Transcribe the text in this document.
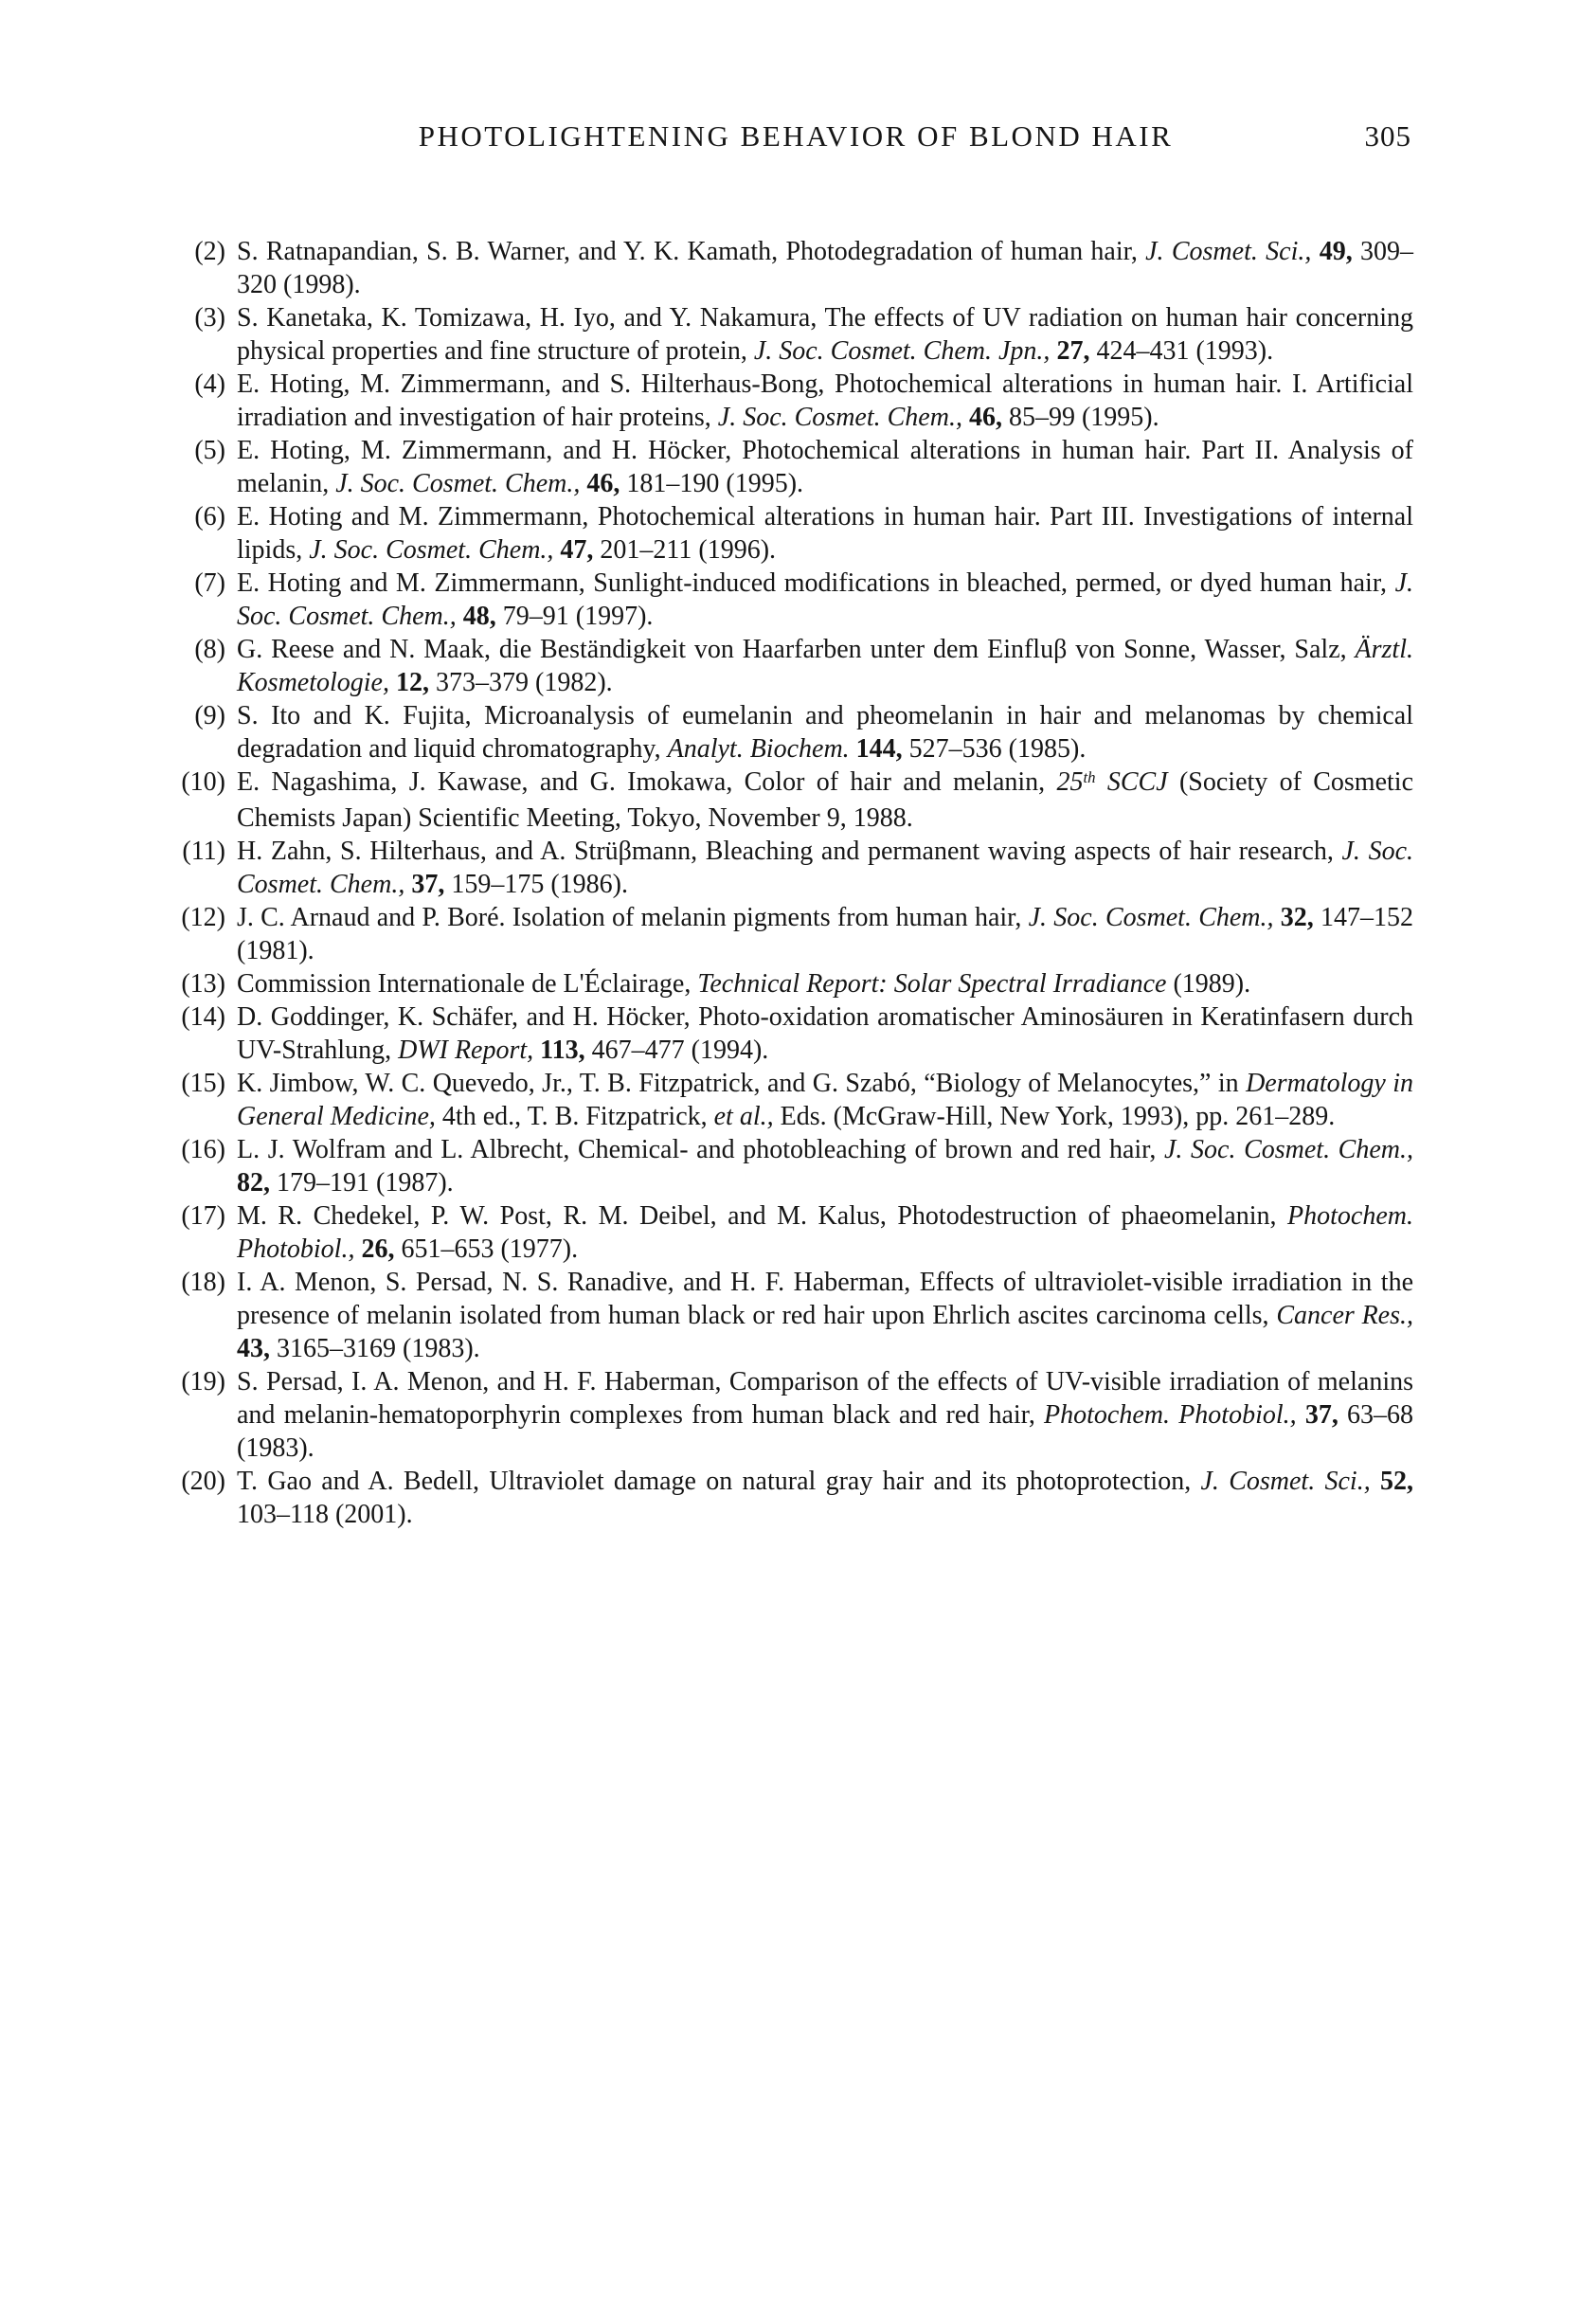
PHOTOLIGHTENING BEHAVIOR OF BLOND HAIR	305
(2) S. Ratnapandian, S. B. Warner, and Y. K. Kamath, Photodegradation of human hair, J. Cosmet. Sci., 49, 309–320 (1998).
(3) S. Kanetaka, K. Tomizawa, H. Iyo, and Y. Nakamura, The effects of UV radiation on human hair concerning physical properties and fine structure of protein, J. Soc. Cosmet. Chem. Jpn., 27, 424–431 (1993).
(4) E. Hoting, M. Zimmermann, and S. Hilterhaus-Bong, Photochemical alterations in human hair. I. Artificial irradiation and investigation of hair proteins, J. Soc. Cosmet. Chem., 46, 85–99 (1995).
(5) E. Hoting, M. Zimmermann, and H. Höcker, Photochemical alterations in human hair. Part II. Analysis of melanin, J. Soc. Cosmet. Chem., 46, 181–190 (1995).
(6) E. Hoting and M. Zimmermann, Photochemical alterations in human hair. Part III. Investigations of internal lipids, J. Soc. Cosmet. Chem., 47, 201–211 (1996).
(7) E. Hoting and M. Zimmermann, Sunlight-induced modifications in bleached, permed, or dyed human hair, J. Soc. Cosmet. Chem., 48, 79–91 (1997).
(8) G. Reese and N. Maak, die Beständigkeit von Haarfarben unter dem Einfluβ von Sonne, Wasser, Salz, Ärztl. Kosmetologie, 12, 373–379 (1982).
(9) S. Ito and K. Fujita, Microanalysis of eumelanin and pheomelanin in hair and melanomas by chemical degradation and liquid chromatography, Analyt. Biochem. 144, 527–536 (1985).
(10) E. Nagashima, J. Kawase, and G. Imokawa, Color of hair and melanin, 25th SCCJ (Society of Cosmetic Chemists Japan) Scientific Meeting, Tokyo, November 9, 1988.
(11) H. Zahn, S. Hilterhaus, and A. Strüβmann, Bleaching and permanent waving aspects of hair research, J. Soc. Cosmet. Chem., 37, 159–175 (1986).
(12) J. C. Arnaud and P. Boré. Isolation of melanin pigments from human hair, J. Soc. Cosmet. Chem., 32, 147–152 (1981).
(13) Commission Internationale de L'Éclairage, Technical Report: Solar Spectral Irradiance (1989).
(14) D. Goddinger, K. Schäfer, and H. Höcker, Photo-oxidation aromatischer Aminosäuren in Keratinfasern durch UV-Strahlung, DWI Report, 113, 467–477 (1994).
(15) K. Jimbow, W. C. Quevedo, Jr., T. B. Fitzpatrick, and G. Szabó, “Biology of Melanocytes,” in Dermatology in General Medicine, 4th ed., T. B. Fitzpatrick, et al., Eds. (McGraw-Hill, New York, 1993), pp. 261–289.
(16) L. J. Wolfram and L. Albrecht, Chemical- and photobleaching of brown and red hair, J. Soc. Cosmet. Chem., 82, 179–191 (1987).
(17) M. R. Chedekel, P. W. Post, R. M. Deibel, and M. Kalus, Photodestruction of phaeomelanin, Photochem. Photobiol., 26, 651–653 (1977).
(18) I. A. Menon, S. Persad, N. S. Ranadive, and H. F. Haberman, Effects of ultraviolet-visible irradiation in the presence of melanin isolated from human black or red hair upon Ehrlich ascites carcinoma cells, Cancer Res., 43, 3165–3169 (1983).
(19) S. Persad, I. A. Menon, and H. F. Haberman, Comparison of the effects of UV-visible irradiation of melanins and melanin-hematoporphyrin complexes from human black and red hair, Photochem. Photobiol., 37, 63–68 (1983).
(20) T. Gao and A. Bedell, Ultraviolet damage on natural gray hair and its photoprotection, J. Cosmet. Sci., 52, 103–118 (2001).
